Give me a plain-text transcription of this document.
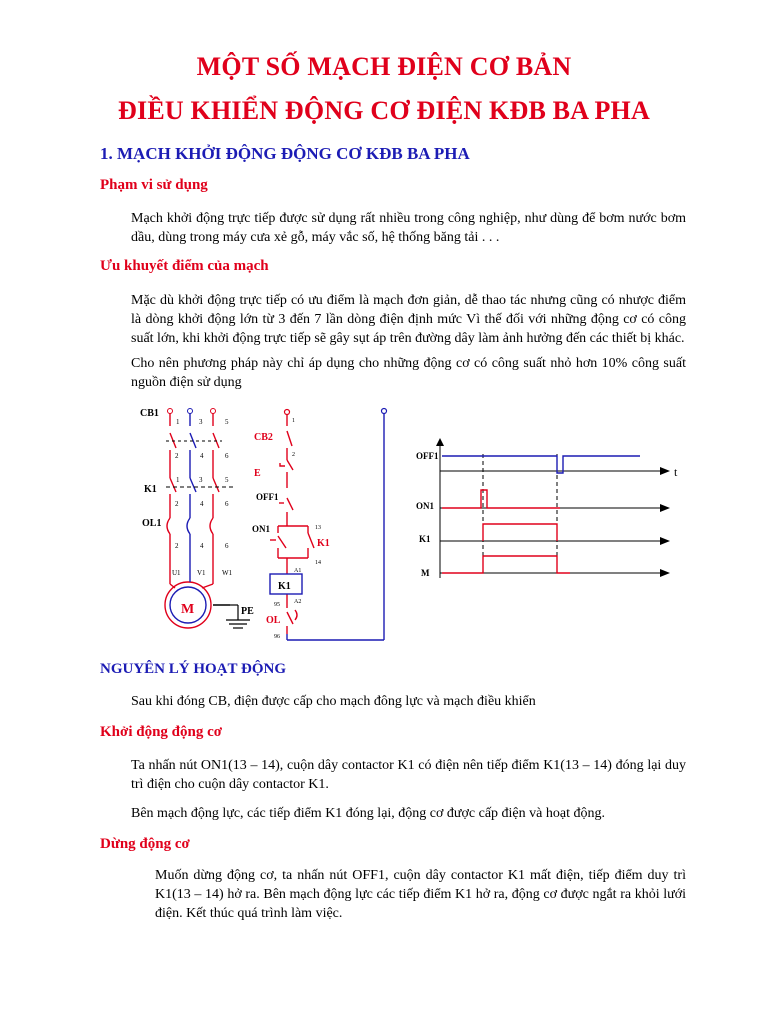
MỘT SỐ MẠCH ĐIỆN CƠ BẢN
ĐIỀU KHIỂN ĐỘNG CƠ ĐIỆN KĐB BA PHA
1. MẠCH KHỞI ĐỘNG ĐỘNG CƠ KĐB BA PHA
Phạm vi sử dụng
Mạch khởi động trực tiếp được sử dụng rất nhiều trong công nghiệp, như dùng để bơm nước bơm dầu, dùng trong máy cưa xẻ gỗ, máy vắc số, hệ thống băng tải . . .
Ưu khuyết điểm của mạch
Mặc dù khởi động trực tiếp có ưu điểm là mạch đơn giản, dễ thao tác nhưng cũng có nhược điểm là dòng khởi động lớn từ 3 đến 7 lần dòng điện định mức Vì thế đối với những động cơ có công suất lớn, khi khởi động trực tiếp sẽ gây sụt áp trên đường dây làm ảnh hưởng đến các thiết bị khác.
Cho nên phương pháp này chỉ áp dụng cho những động cơ có công suất nhỏ hơn 10% công suất nguồn điện sử dụng
CB1
K1
OL1
M	PE
U1 V1 W1
1	3	5
2	4	6
1	3	5
2	4	6
2	4	6
CB2
E
OFF1
ON1
K1
K1
OL
1
2
13
14
A1
A2
95
96
t
OFF1
ON1
K1
M
NGUYÊN LÝ HOẠT ĐỘNG
Sau khi đóng CB, điện được cấp cho mạch đông lực và mạch điều khiển
Khởi động động cơ
Ta nhấn nút ON1(13 – 14), cuộn dây contactor K1 có điện nên tiếp điểm K1(13 – 14) đóng lại duy trì điện cho cuộn dây contactor K1.
Bên mạch động lực, các tiếp điểm K1 đóng lại, động cơ được cấp điện và hoạt động.
Dừng động cơ
Muốn dừng động cơ, ta nhấn nút OFF1, cuộn dây contactor K1 mất điện, tiếp điểm duy trì K1(13 – 14) hở ra. Bên mạch động lực các tiếp điểm K1 hở ra, động cơ được ngắt ra khỏi lưới điện. Kết thúc quá trình làm việc.
